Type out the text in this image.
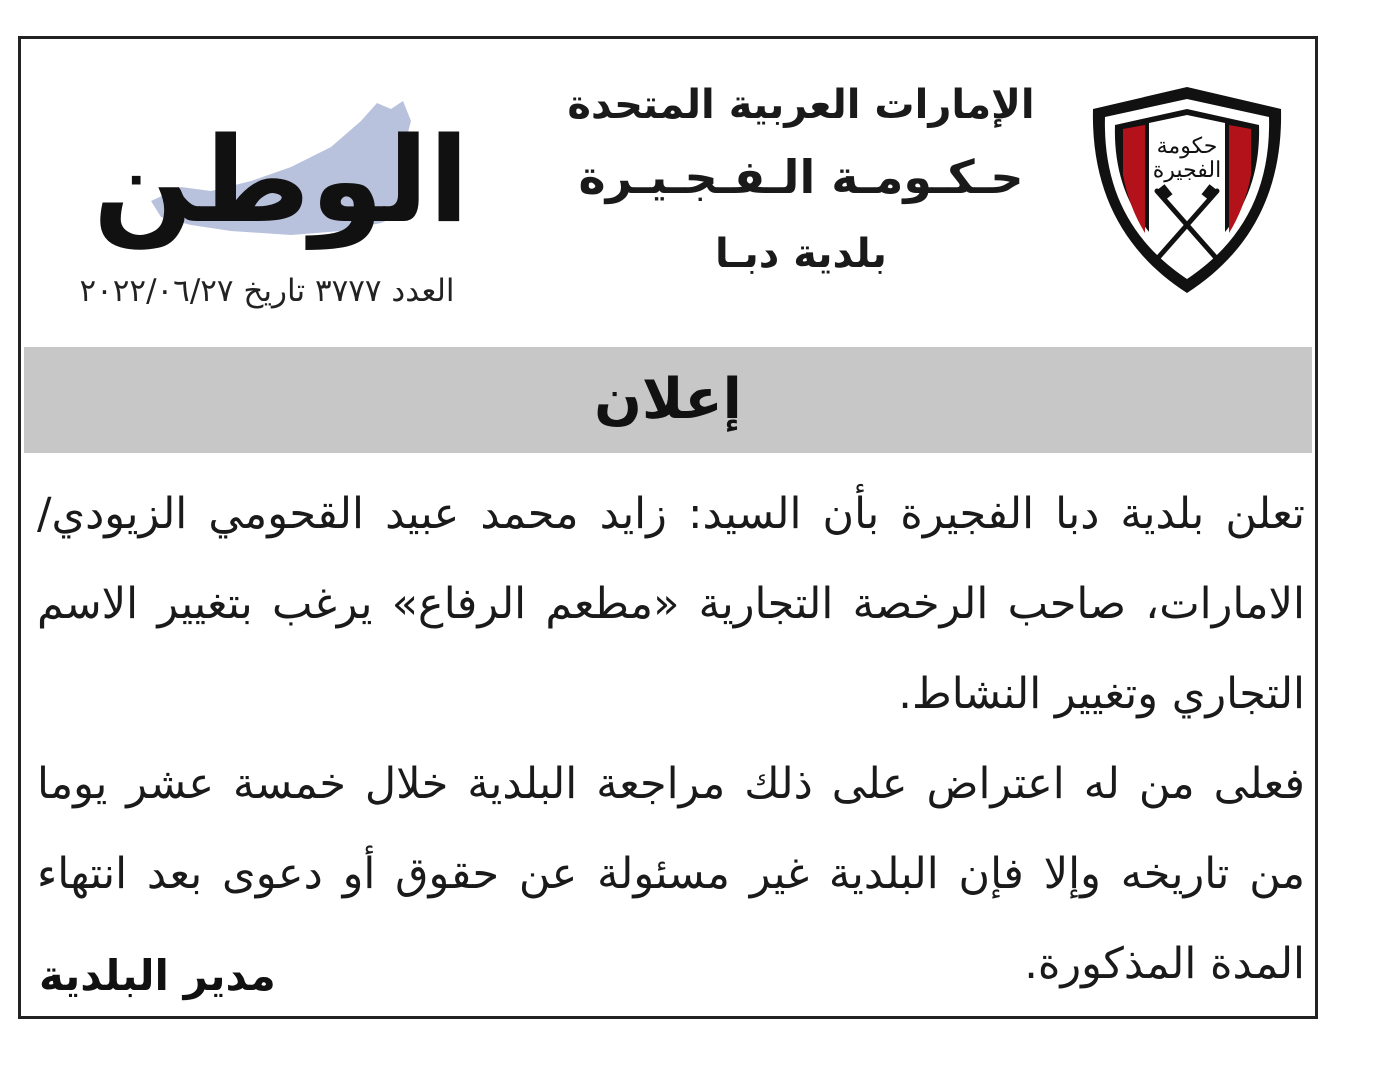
حكومة
الفجيرة
الإمارات العربية المتحدة
حـكـومـة الـفـجـيـرة
بلدية دبـا
الوطن
العدد ٣٧٧٧ تاريخ ٢٠٢٢/٠٦/٢٧
إعلان

تعلن بلدية دبا الفجيرة بأن السيد: زايد محمد عبيد القحومي الزيودي/ الامارات، صاحب الرخصة التجارية «مطعم الرفاع» يرغب بتغيير الاسم التجاري وتغيير النشاط.

فعلى من له اعتراض على ذلك مراجعة البلدية خلال خمسة عشر يوما من تاريخه وإلا فإن البلدية غير مسئولة عن حقوق أو دعوى بعد انتهاء المدة المذكورة.

مدير البلدية
